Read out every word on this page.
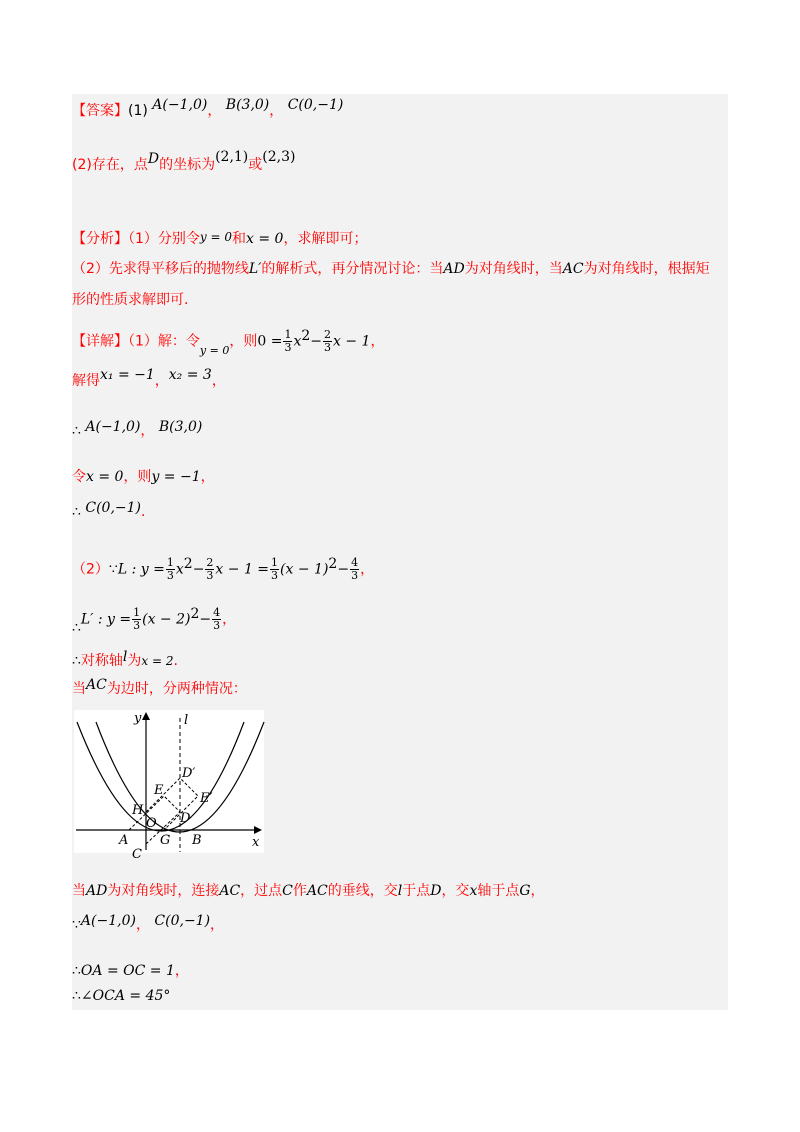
【答案】(1) A(−1,0)， B(3,0)， C(0,−1)
(2)存在，点D的坐标为(2,1)或(2,3)
【分析】（1）分别令y = 0和x = 0，求解即可；
（2）先求得平移后的抛物线L′的解析式，再分情况讨论：当AD为对角线时，当AC为对角线时，根据矩
形的性质求解即可.
【详解】（1）解：令$_{y = 0}$，则$0 = \frac{1}{3} x^2- \frac{2}{3}$ x − 1，
解得x₁ = −1，x₂ = 3，
∴ A(−1,0)， B(3,0)
令x = 0，则y = −1，
∴ C(0,−1).
（2）∵L : $y = \frac{1}{3} x^2- \frac{2}{3}$ $x - 1 = \frac{1}{3} (x - 1)^2- \frac{4}{3}$ ，
∴L′ : $y = \frac{1}{3} (x - 2)^2- \frac{4}{3}$ ，
∴对称轴l为x = 2.
当AC为边时，分两种情况：
y	l
x
D′
E
E′
H
O D
A G B
C
当AD为对角线时，连接AC，过点C作AC的垂线，交l于点D，交x轴于点G，
∵A(−1,0)， C(0,−1)，
∴OA = OC = 1，
∴∠OCA = 45°
